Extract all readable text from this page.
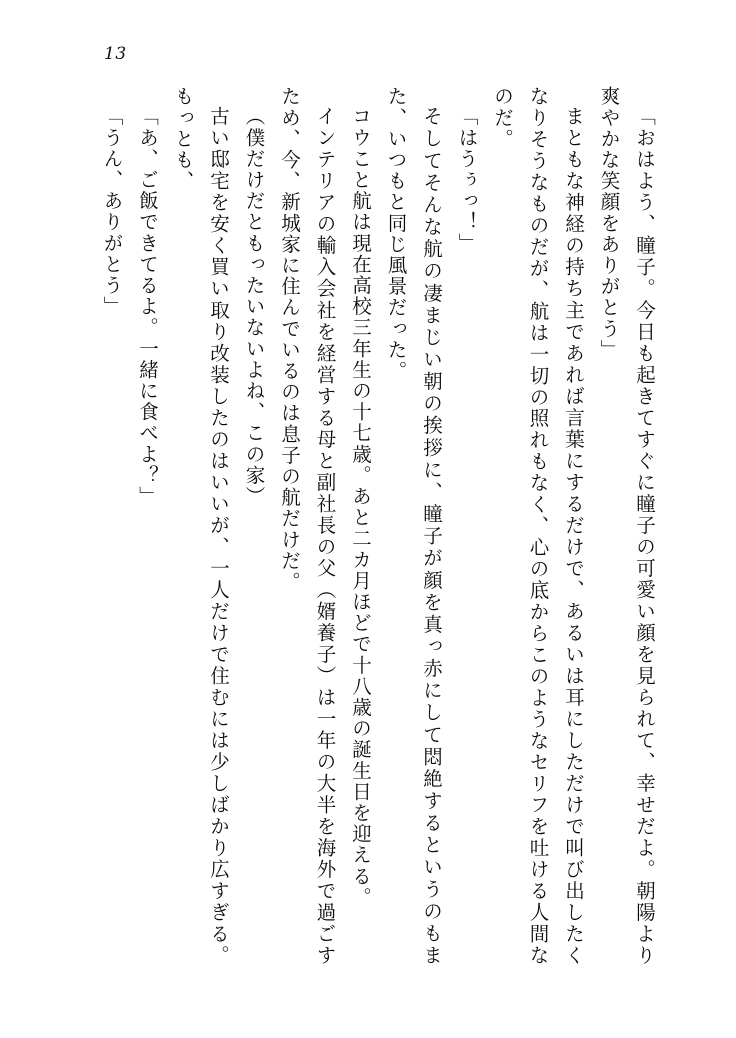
13

「おはよう、瞳子。今日も起きてすぐに瞳子の可愛い顔を見られて、幸せだよ。朝陽より爽やかな笑顔をありがとう」

まともな神経の持ち主であれば言葉にするだけで、あるいは耳にしただけで叫び出したくなりそうなものだが、航は一切の照れもなく、心の底からこのようなセリフを吐ける人間なのだ。

「はうぅっ！」

そしてそんな航の凄まじい朝の挨拶に、瞳子が顔を真っ赤にして悶絶するというのもまた、いつもと同じ風景だった。

コウこと航は現在高校三年生の十七歳。あと二カ月ほどで十八歳の誕生日を迎える。

インテリアの輸入会社を経営する母と副社長の父（婿養子）は一年の大半を海外で過ごすため、今、新城家に住んでいるのは息子の航だけだ。

（僕だけだともったいないよね、この家）

古い邸宅を安く買い取り改装したのはいいが、一人だけで住むには少しばかり広すぎる。もっとも、

「あ、ご飯できてるよ。一緒に食べよ？」

「うん、ありがとう」
